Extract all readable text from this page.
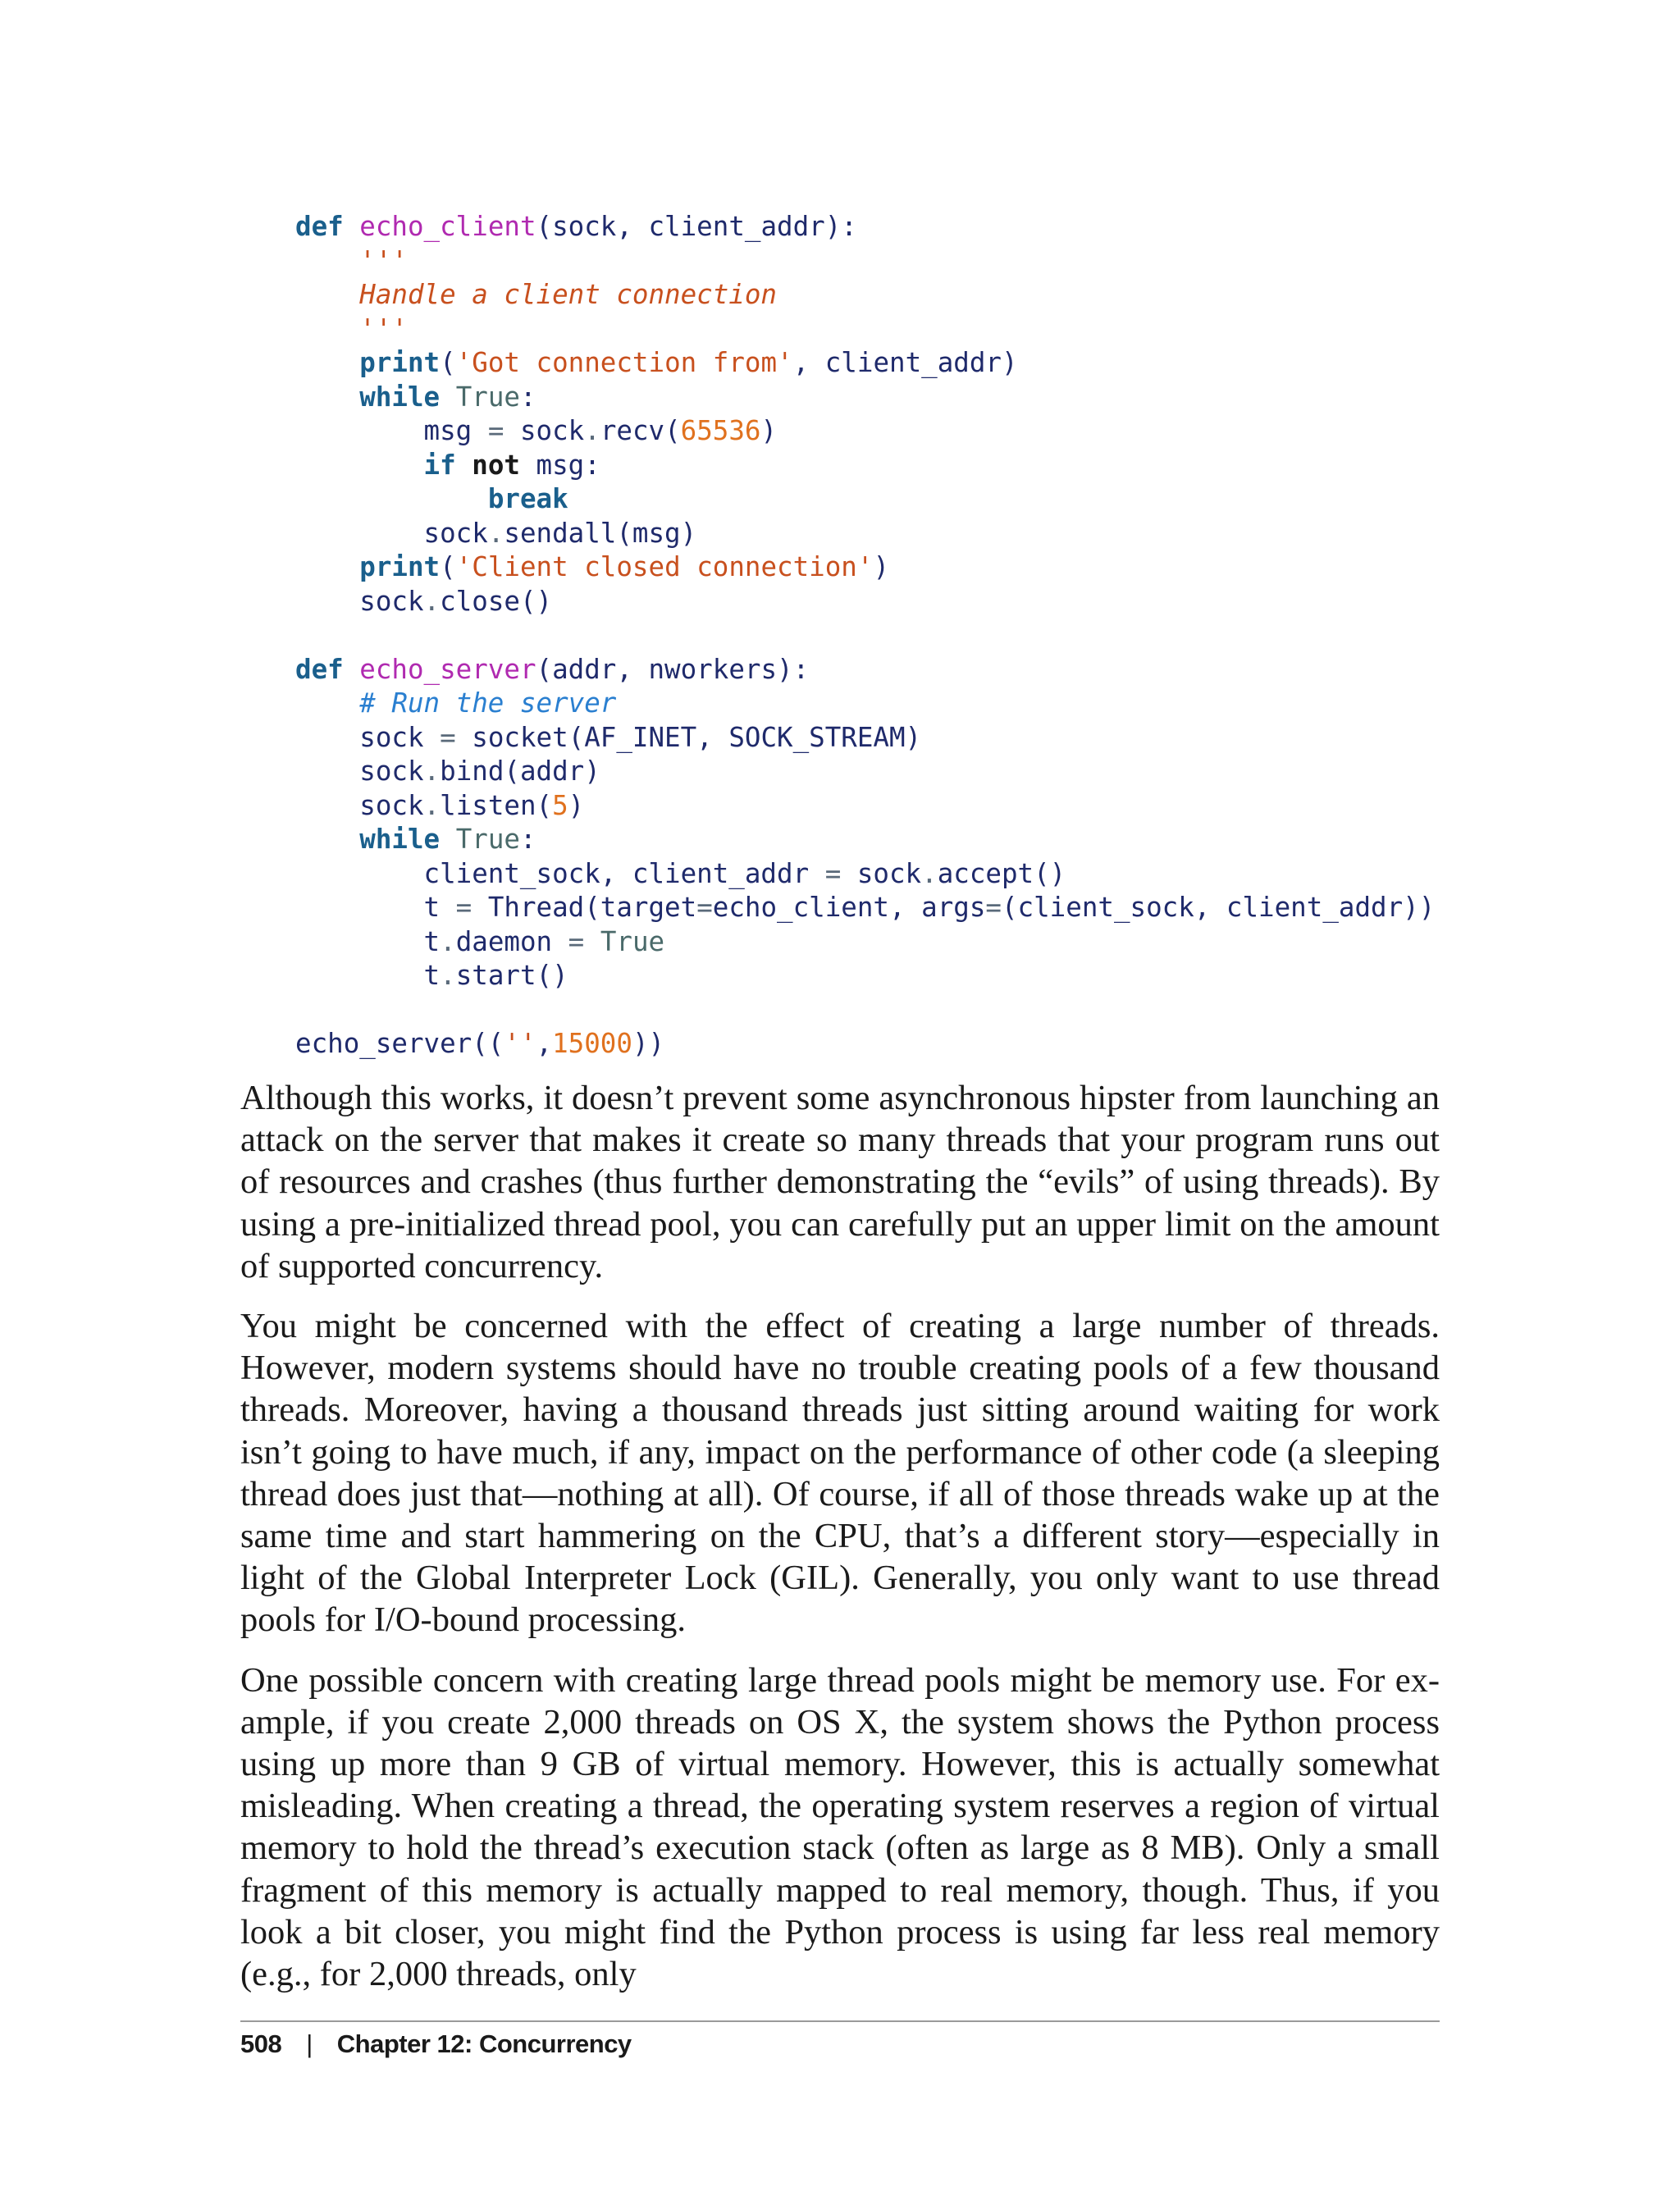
def echo_client(sock, client_addr):
'''
Handle a client connection
'''
print('Got connection from', client_addr)
while True:
msg = sock.recv(65536)
if not msg:
break
sock.sendall(msg)
print('Client closed connection')
sock.close()
def echo_server(addr, nworkers):
# Run the server
sock = socket(AF_INET, SOCK_STREAM)
sock.bind(addr)
sock.listen(5)
while True:
client_sock, client_addr = sock.accept()
t = Thread(target=echo_client, args=(client_sock, client_addr))
t.daemon = True
t.start()
echo_server(('',15000))

Although this works, it doesn’t prevent some asynchronous hipster from launching an attack on the server that makes it create so many threads that your program runs out of resources and crashes (thus further demonstrating the “evils” of using threads). By using a pre-initialized thread pool, you can carefully put an upper limit on the amount of supported concurrency.

You might be concerned with the effect of creating a large number of threads. However, modern systems should have no trouble creating pools of a few thousand threads. Moreover, having a thousand threads just sitting around waiting for work isn’t going to have much, if any, impact on the performance of other code (a sleeping thread does just that—nothing at all). Of course, if all of those threads wake up at the same time and start hammering on the CPU, that’s a different story—especially in light of the Global Interpreter Lock (GIL). Generally, you only want to use thread pools for I/O-bound processing.

One possible concern with creating large thread pools might be memory use. For example, if you create 2,000 threads on OS X, the system shows the Python process using up more than 9 GB of virtual memory. However, this is actually somewhat misleading. When creating a thread, the operating system reserves a region of virtual memory to hold the thread’s execution stack (often as large as 8 MB). Only a small fragment of this memory is actually mapped to real memory, though. Thus, if you look a bit closer, you might find the Python process is using far less real memory (e.g., for 2,000 threads, only

508 | Chapter 12: Concurrency
